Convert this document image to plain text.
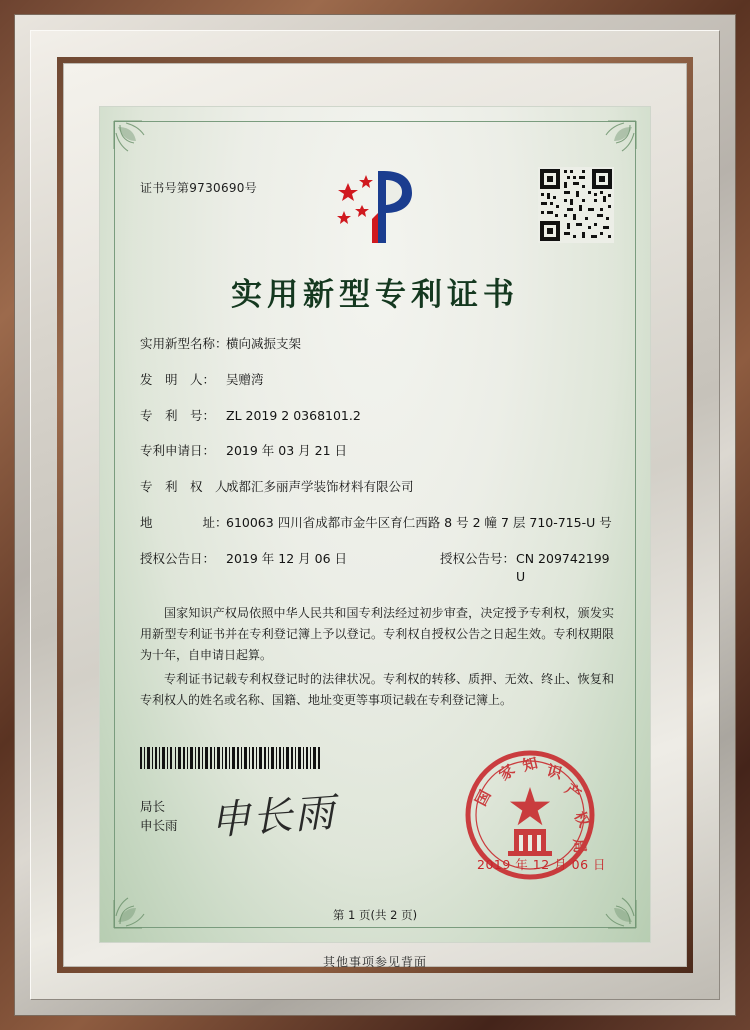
证书号第9730690号
实用新型专利证书
实用新型名称：
横向减振支架
发　明　人： 吴赠湾
专　利　号： ZL 2019 2 0368101.2
专利申请日： 2019 年 03 月 21 日
专　利　权　人：
成都汇多丽声学装饰材料有限公司
地　　　　址：
610063 四川省成都市金牛区育仁西路 8 号 2 幢 7 层 710-715-U 号
授权公告日： 2019 年 12 月 06 日	授权公告号： CN 209742199 U

国家知识产权局依照中华人民共和国专利法经过初步审查，决定授予专利权，颁发实用新型专利证书并在专利登记簿上予以登记。专利权自授权公告之日起生效。专利权期限为十年，自申请日起算。

专利证书记载专利权登记时的法律状况。专利权的转移、质押、无效、终止、恢复和专利权人的姓名或名称、国籍、地址变更等事项记载在专利登记簿上。

局长
申长雨 申长雨
家 知 识
产
权
局
国
2019 年 12 月 06 日
第 1 页(共 2 页)
其他事项参见背面
